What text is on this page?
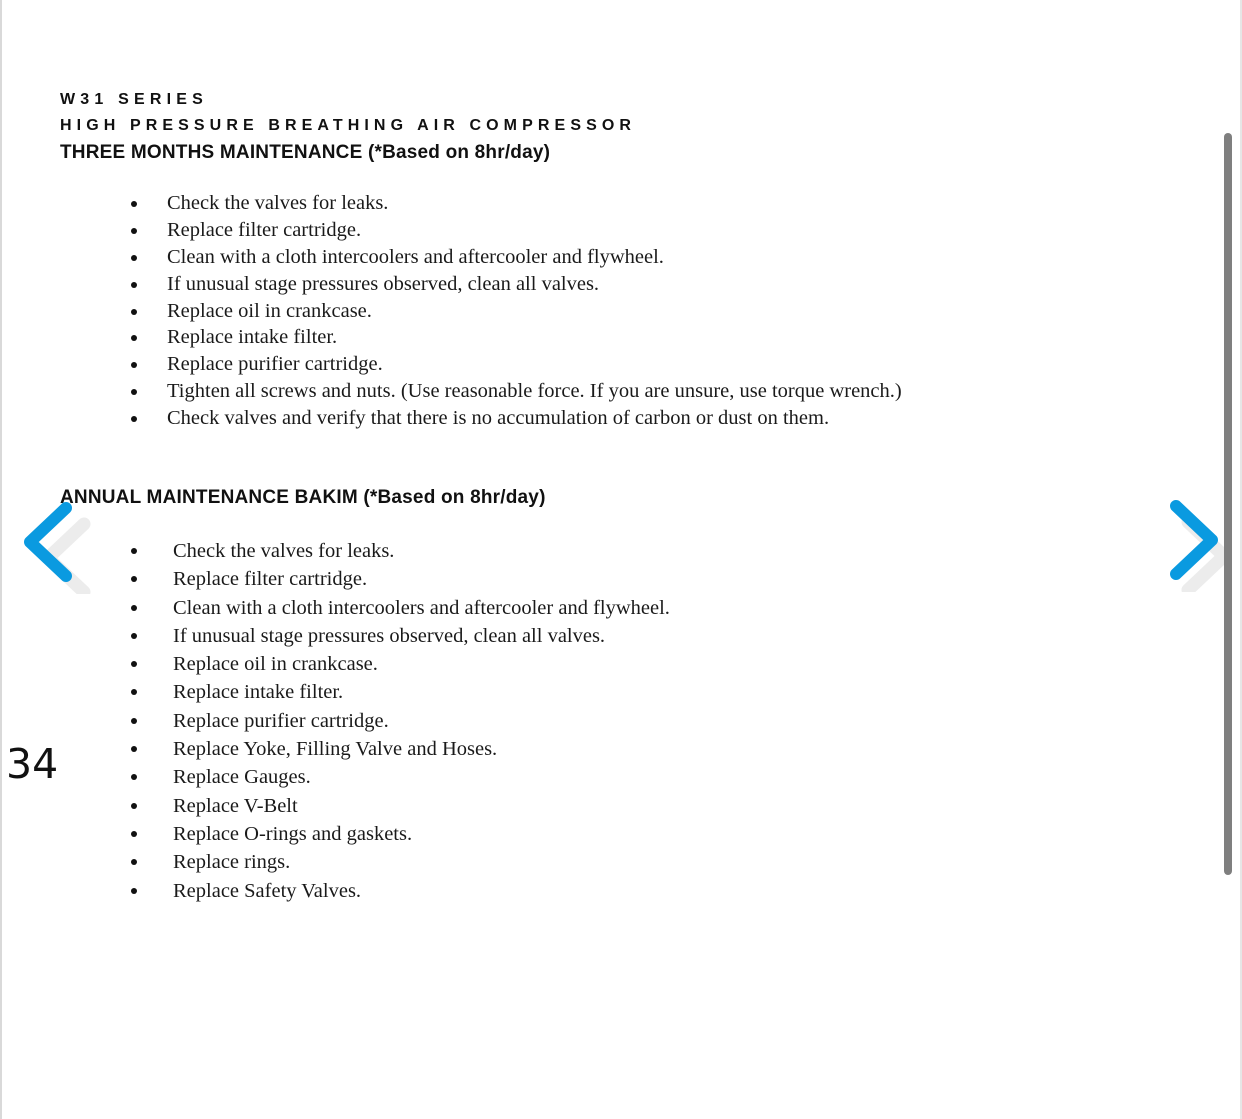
W31 SERIES
HIGH PRESSURE BREATHING AIR COMPRESSOR
THREE MONTHS MAINTENANCE (*Based on 8hr/day)
Check the valves for leaks.
Replace filter cartridge.
Clean with a cloth intercoolers and aftercooler and flywheel.
If unusual stage pressures observed, clean all valves.
Replace oil in crankcase.
Replace intake filter.
Replace purifier cartridge.
Tighten all screws and nuts. (Use reasonable force. If you are unsure, use torque wrench.)
Check valves and verify that there is no accumulation of carbon or dust on them.
ANNUAL MAINTENANCE BAKIM (*Based on 8hr/day)
Check the valves for leaks.
Replace filter cartridge.
Clean with a cloth intercoolers and aftercooler and flywheel.
If unusual stage pressures observed, clean all valves.
Replace oil in crankcase.
Replace intake filter.
Replace purifier cartridge.
Replace Yoke, Filling Valve and Hoses.
Replace Gauges.
Replace V-Belt
Replace O-rings and gaskets.
Replace rings.
Replace Safety Valves.
34
